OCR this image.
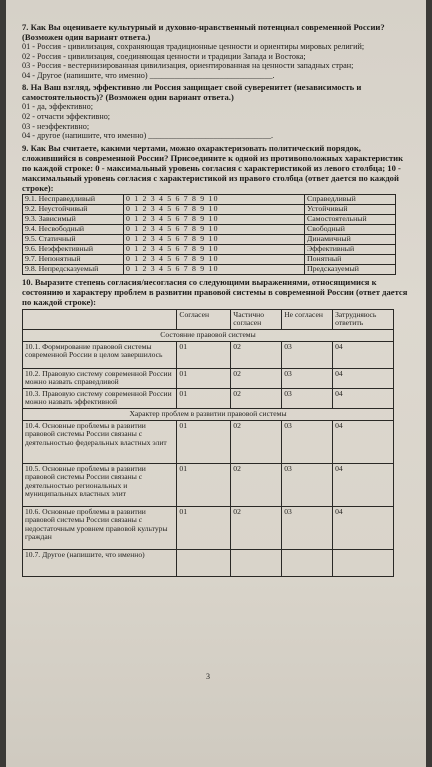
7. Как Вы оцениваете культурный и духовно-нравственный потенциал современной России? (Возможен один вариант ответа.)

01 - Россия - цивилизация, сохраняющая традиционные ценности и ориентиры мировых религий;

02 - Россия - цивилизация, соединяющая ценности и традиции Запада и Востока;

03 - Россия - вестернизированная цивилизация, ориентированная на ценности западных стран;

04 - Другое (напишите, что именно) ______________________________.

8. На Ваш взгляд, эффективно ли Россия защищает свой суверенитет (независимость и самостоятельность)? (Возможен один вариант ответа.)

01 - да, эффективно;

02 - отчасти эффективно;

03 - неэффективно;

04 - другое (напишите, что именно) ______________________________.

9. Как Вы считаете, какими чертами, можно охарактеризовать политический порядок, сложившийся в современной России? Присоедините к одной из противоположных характеристик по каждой строке: 0 - максимальный уровень согласия с характеристикой из левого столбца; 10 - максимальный уровень согласия с характеристикой из правого столбца (ответ дается по каждой строке):

9.1. Несправедливый	0 1 2 3 4 5 6 7 8 9 10	Справедливый
9.2. Неустойчивый	0 1 2 3 4 5 6 7 8 9 10	Устойчивый
9.3. Зависимый	0 1 2 3 4 5 6 7 8 9 10	Самостоятельный
9.4. Несвободный	0 1 2 3 4 5 6 7 8 9 10	Свободный
9.5. Статичный	0 1 2 3 4 5 6 7 8 9 10	Динамичный
9.6. Неэффективный	0 1 2 3 4 5 6 7 8 9 10	Эффективный
9.7. Непонятный	0 1 2 3 4 5 6 7 8 9 10	Понятный
9.8. Непредсказуемый	0 1 2 3 4 5 6 7 8 9 10	Предсказуемый

10. Выразите степень согласия/несогласия со следующими выражениями, относящимися к состоянию и характеру проблем в развитии правовой системы в современной России (ответ дается по каждой строке):

	Согласен	Частично согласен	Не согласен	Затрудняюсь ответить
Состояние правовой системы				
10.1. Формирование правовой системы современной России в целом завершилось	01	02	03	04
10.2. Правовую систему современной России можно назвать справедливой	01	02	03	04
10.3. Правовую систему современной России можно назвать эффективной	01	02	03	04
Характер проблем в развитии правовой системы				
10.4. Основные проблемы в развитии правовой системы России связаны с деятельностью федеральных властных элит	01	02	03	04
10.5. Основные проблемы в развитии правовой системы России связаны с деятельностью региональных и муниципальных властных элит	01	02	03	04
10.6. Основные проблемы в развитии правовой системы России связаны с недостаточным уровнем правовой культуры граждан	01	02	03	04
10.7. Другое (напишите, что именно)				
3
